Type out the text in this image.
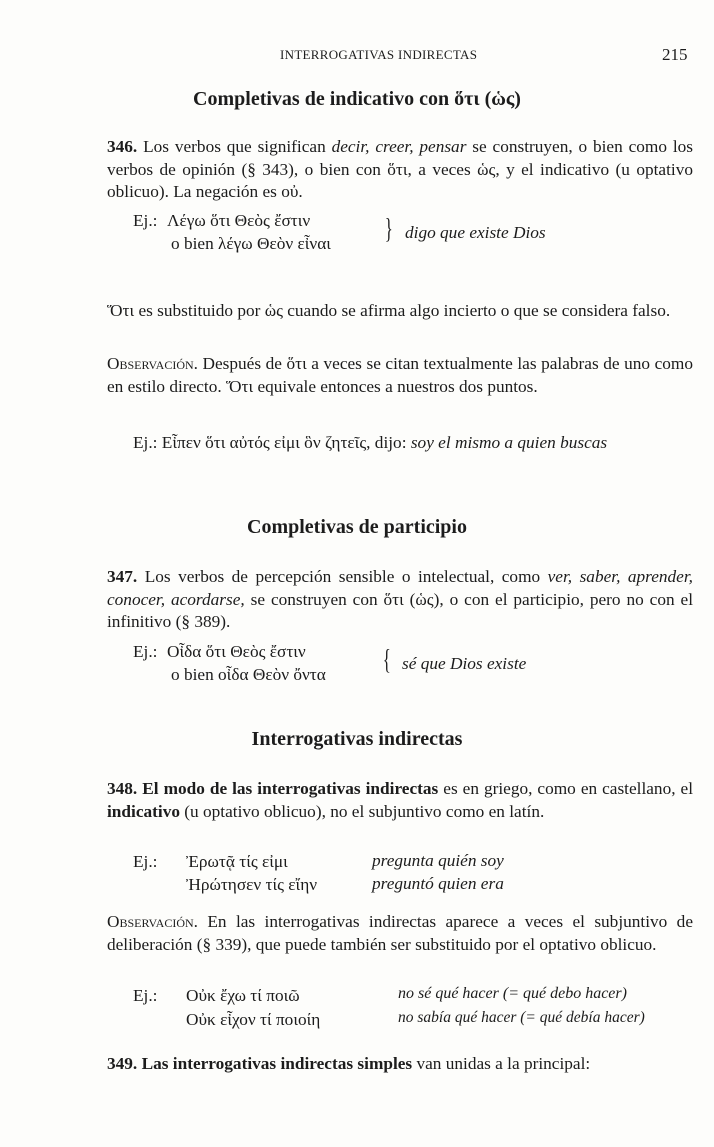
INTERROGATIVAS INDIRECTAS	215
Completivas de indicativo con ὅτι (ὡς)

346. Los verbos que significan decir, creer, pensar se construyen, o bien como los verbos de opinión (§ 343), o bien con ὅτι, a veces ὡς, y el indicativo (u optativo oblicuo). La negación es οὐ.

Ej.: Λέγω ὅτι Θεὸς ἔστιν
o bien λέγω Θεὸν εἶναι } digo que existe Dios

Ὅτι es substituido por ὡς cuando se afirma algo incierto o que se considera falso.

Observación. Después de ὅτι a veces se citan textualmente las palabras de uno como en estilo directo. Ὅτι equivale entonces a nuestros dos puntos.

Ej.: Εἶπεν ὅτι αὐτός εἰμι ὃν ζητεῖς, dijo: soy el mismo a quien buscas

Completivas de participio

347. Los verbos de percepción sensible o intelectual, como ver, saber, aprender, conocer, acordarse, se construyen con ὅτι (ὡς), o con el participio, pero no con el infinitivo (§ 389).

Ej.: Οἶδα ὅτι Θεὸς ἔστιν
o bien οἶδα Θεὸν ὄντα { sé que Dios existe
Interrogativas indirectas

348. El modo de las interrogativas indirectas es en griego, como en castellano, el indicativo (u optativo oblicuo), no el subjuntivo como en latín.

Ej.: Ἐρωτᾷ τίς εἰμι	pregunta quién soy
Ἠρώτησεν τίς εἴην	preguntó quien era

Observación. En las interrogativas indirectas aparece a veces el subjuntivo de deliberación (§ 339), que puede también ser substituido por el optativo oblicuo.

Ej.: Οὐκ ἔχω τί ποιῶ	no sé qué hacer (= qué debo hacer)
Οὐκ εἶχον τί ποιοίη	no sabía qué hacer (= qué debía hacer)

349. Las interrogativas indirectas simples van unidas a la principal:
